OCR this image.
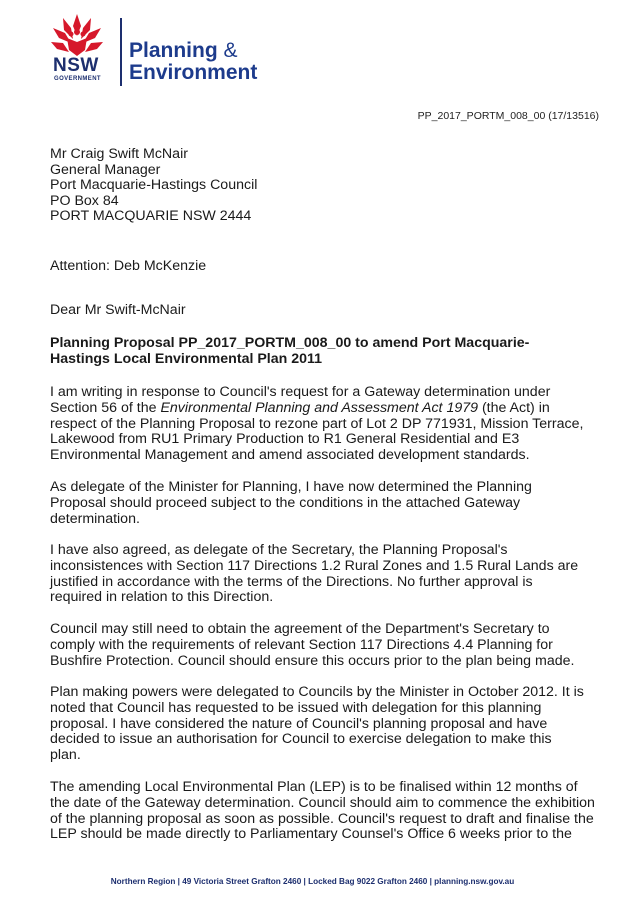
NSW
GOVERNMENT
Planning &
Environment
PP_2017_PORTM_008_00 (17/13516)
Mr Craig Swift McNair
General Manager
Port Macquarie-Hastings Council
PO Box 84
PORT MACQUARIE NSW 2444
Attention: Deb McKenzie
Dear Mr Swift-McNair
Planning Proposal PP_2017_PORTM_008_00 to amend Port Macquarie-
Hastings Local Environmental Plan 2011
I am writing in response to Council's request for a Gateway determination under
Section 56 of the Environmental Planning and Assessment Act 1979 (the Act) in
respect of the Planning Proposal to rezone part of Lot 2 DP 771931, Mission Terrace,
Lakewood from RU1 Primary Production to R1 General Residential and E3
Environmental Management and amend associated development standards.
As delegate of the Minister for Planning, I have now determined the Planning
Proposal should proceed subject to the conditions in the attached Gateway
determination.
I have also agreed, as delegate of the Secretary, the Planning Proposal's
inconsistences with Section 117 Directions 1.2 Rural Zones and 1.5 Rural Lands are
justified in accordance with the terms of the Directions. No further approval is
required in relation to this Direction.
Council may still need to obtain the agreement of the Department's Secretary to
comply with the requirements of relevant Section 117 Directions 4.4 Planning for
Bushfire Protection. Council should ensure this occurs prior to the plan being made.
Plan making powers were delegated to Councils by the Minister in October 2012. It is
noted that Council has requested to be issued with delegation for this planning
proposal. I have considered the nature of Council's planning proposal and have
decided to issue an authorisation for Council to exercise delegation to make this
plan.
The amending Local Environmental Plan (LEP) is to be finalised within 12 months of
the date of the Gateway determination. Council should aim to commence the exhibition
of the planning proposal as soon as possible. Council's request to draft and finalise the
LEP should be made directly to Parliamentary Counsel's Office 6 weeks prior to the
Northern Region | 49 Victoria Street Grafton 2460 | Locked Bag 9022 Grafton 2460 | planning.nsw.gov.au
